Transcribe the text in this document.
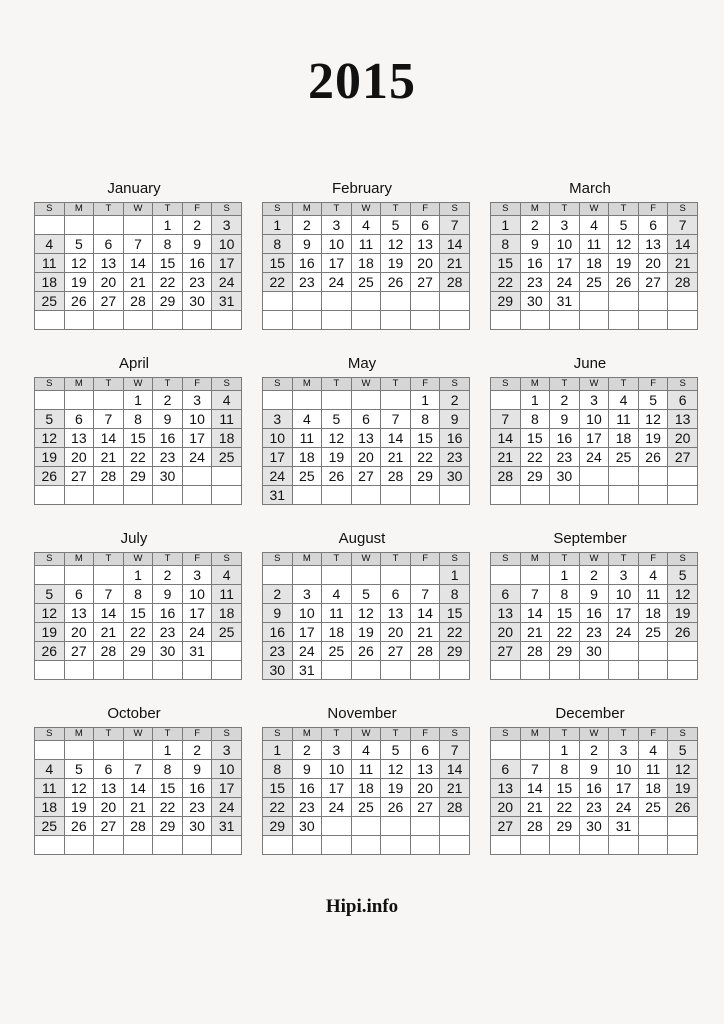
2015
January
S	M	T	W	T	F	S
				1	2	3
4	5	6	7	8	9	10
11	12	13	14	15	16	17
18	19	20	21	22	23	24
25	26	27	28	29	30	31

February
S	M	T	W	T	F	S
1	2	3	4	5	6	7
8	9	10	11	12	13	14
15	16	17	18	19	20	21
22	23	24	25	26	27	28

March
S	M	T	W	T	F	S
1	2	3	4	5	6	7
8	9	10	11	12	13	14
15	16	17	18	19	20	21
22	23	24	25	26	27	28
29	30	31				

April
S	M	T	W	T	F	S
			1	2	3	4
5	6	7	8	9	10	11
12	13	14	15	16	17	18
19	20	21	22	23	24	25
26	27	28	29	30		

May
S	M	T	W	T	F	S
					1	2
3	4	5	6	7	8	9
10	11	12	13	14	15	16
17	18	19	20	21	22	23
24	25	26	27	28	29	30
31						
June
S	M	T	W	T	F	S
	1	2	3	4	5	6
7	8	9	10	11	12	13
14	15	16	17	18	19	20
21	22	23	24	25	26	27
28	29	30				

July
S	M	T	W	T	F	S
			1	2	3	4
5	6	7	8	9	10	11
12	13	14	15	16	17	18
19	20	21	22	23	24	25
26	27	28	29	30	31	

August
S	M	T	W	T	F	S
						1
2	3	4	5	6	7	8
9	10	11	12	13	14	15
16	17	18	19	20	21	22
23	24	25	26	27	28	29
30	31					
September
S	M	T	W	T	F	S
		1	2	3	4	5
6	7	8	9	10	11	12
13	14	15	16	17	18	19
20	21	22	23	24	25	26
27	28	29	30			

October
S	M	T	W	T	F	S
				1	2	3
4	5	6	7	8	9	10
11	12	13	14	15	16	17
18	19	20	21	22	23	24
25	26	27	28	29	30	31

November
S	M	T	W	T	F	S
1	2	3	4	5	6	7
8	9	10	11	12	13	14
15	16	17	18	19	20	21
22	23	24	25	26	27	28
29	30					

December
S	M	T	W	T	F	S
		1	2	3	4	5
6	7	8	9	10	11	12
13	14	15	16	17	18	19
20	21	22	23	24	25	26
27	28	29	30	31		

Hipi.info
